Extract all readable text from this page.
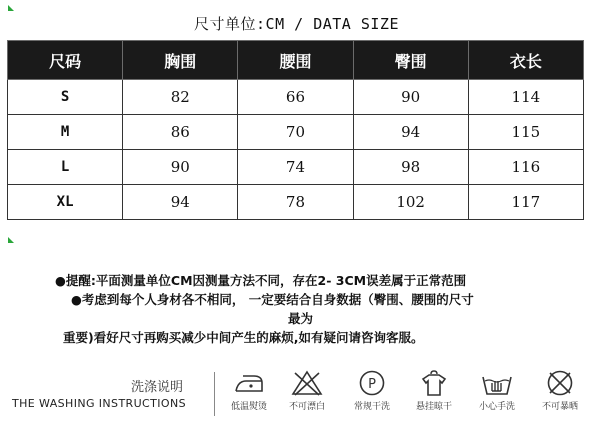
尺寸单位:CM / DATA SIZE
尺码	胸围	腰围	臀围	衣长
S	82	66	90	114
M	86	70	94	115
L	90	74	98	116
XL	94	78	102	117
●提醒:平面测量单位CM因测量方法不同，存在2- 3CM误差属于正常范围
●考虑到每个人身材各不相同， 一定要结合自身数据（臀围、腰围的尺寸
最为
重要)看好尺寸再购买减少中间产生的麻烦,如有疑问请咨询客服。
洗涤说明
THE WASHING INSTRUCTIONS	低温熨烫	不可漂白
P
常规干洗	悬挂晾干	小心手洗	不可暴晒
